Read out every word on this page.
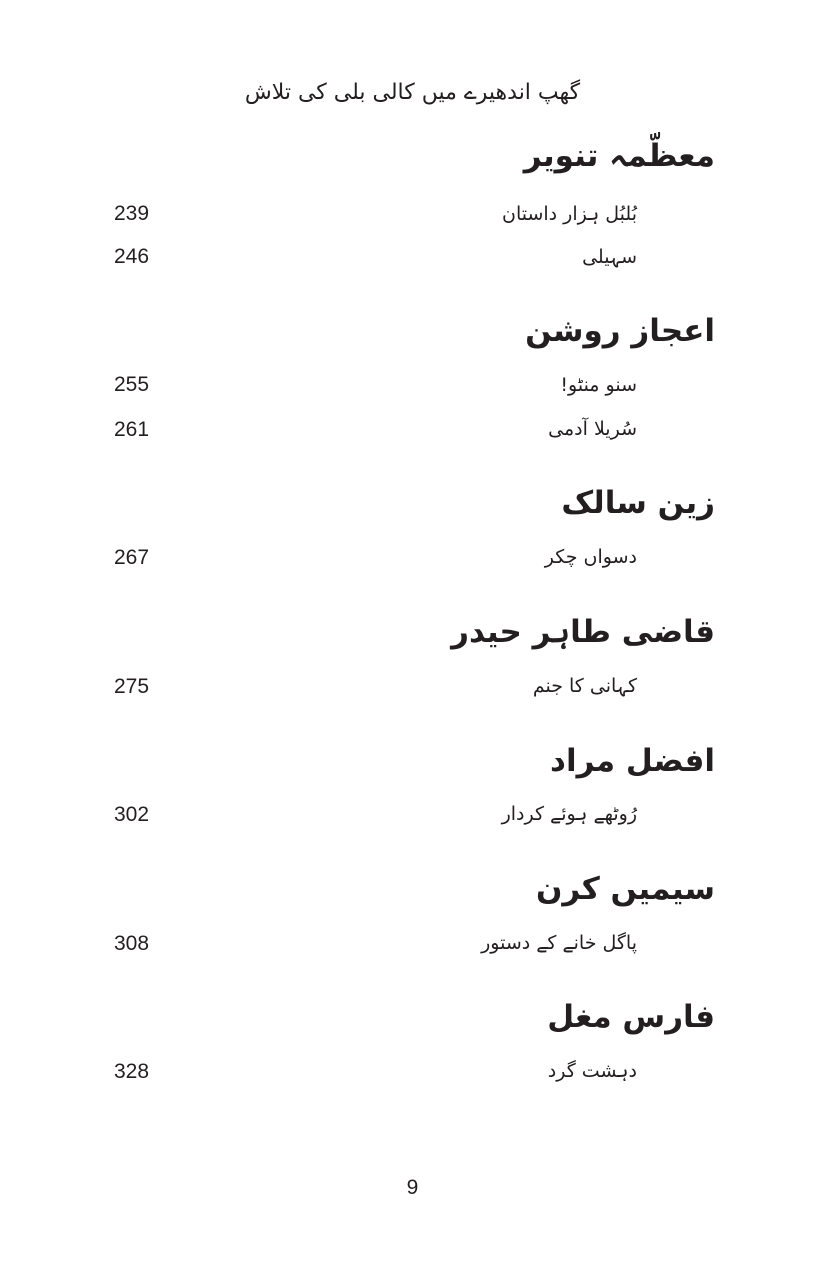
گھپ اندھیرے میں کالی بلی کی تلاش
معظّمہ تنویر
بُلبُل ہزار داستان
239
سہیلی
246
اعجاز روشن
سنو منٹو!
255
سُریلا آدمی
261
زین سالک
دسواں چکر
267
قاضی طاہر حیدر
کہانی کا جنم
275
افضل مراد
رُوٹھے ہوئے کردار
302
سیمیں کرن
پاگل خانے کے دستور
308
فارس مغل
دہشت گرد
328
9
